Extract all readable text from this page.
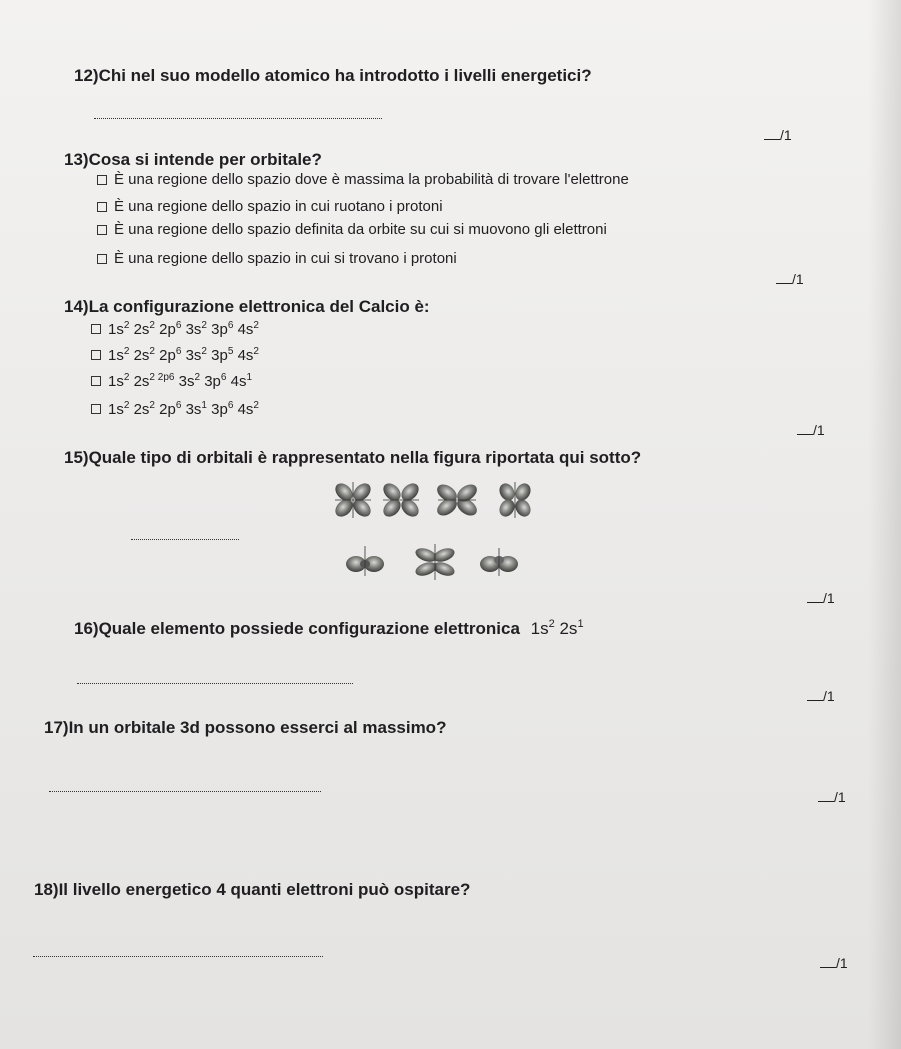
12)Chi nel suo modello atomico ha introdotto i livelli energetici?
/1
13)Cosa si intende per orbitale?
È una regione dello spazio dove è massima la probabilità di trovare l'elettrone
È una regione dello spazio in cui ruotano i protoni
È una regione dello spazio definita da orbite su cui si muovono gli elettroni
È una regione dello spazio in cui si trovano i protoni
/1
14)La configurazione elettronica del Calcio è:
$1s^2$ $2s^2$ $2p^6$ $3s^2$ $3p^6$ $4s^2$
$1s^2$ $2s^2$ $2p^6$ $3s^2$ $3p^5$ $4s^2$
$1s^2$ $2s^{2 2p6}$ $3s^2$ $3p^6$ $4s^1$
$1s^2$ $2s^2$ $2p^6$ $3s^1$ $3p^6$ $4s^2$
/1
15)Quale tipo di orbitali è rappresentato nella figura riportata qui sotto?
/1
16)Quale elemento possiede configurazione elettronica $1s^2$ $2s^1$
/1
17)In un orbitale 3d possono esserci al massimo?
/1
18)Il livello energetico 4 quanti elettroni può ospitare?
/1
